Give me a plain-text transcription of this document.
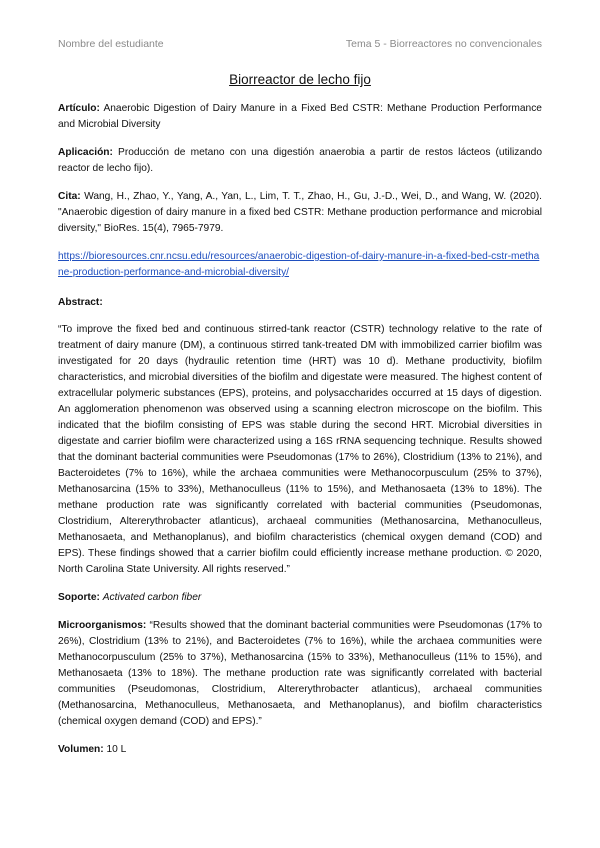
Nombre del estudiante	Tema 5 - Biorreactores no convencionales
Biorreactor de lecho fijo

Artículo: Anaerobic Digestion of Dairy Manure in a Fixed Bed CSTR: Methane Production Performance and Microbial Diversity

Aplicación: Producción de metano con una digestión anaerobia a partir de restos lácteos (utilizando reactor de lecho fijo).

Cita: Wang, H., Zhao, Y., Yang, A., Yan, L., Lim, T. T., Zhao, H., Gu, J.-D., Wei, D., and Wang, W. (2020). "Anaerobic digestion of dairy manure in a fixed bed CSTR: Methane production performance and microbial diversity," BioRes. 15(4), 7965-7979.

https://bioresources.cnr.ncsu.edu/resources/anaerobic-digestion-of-dairy-manure-in-a-fixed-bed-cstr-methane-production-performance-and-microbial-diversity/

Abstract:

“To improve the fixed bed and continuous stirred-tank reactor (CSTR) technology relative to the rate of treatment of dairy manure (DM), a continuous stirred tank-treated DM with immobilized carrier biofilm was investigated for 20 days (hydraulic retention time (HRT) was 10 d). Methane productivity, biofilm characteristics, and microbial diversities of the biofilm and digestate were measured. The highest content of extracellular polymeric substances (EPS), proteins, and polysaccharides occurred at 15 days of digestion. An agglomeration phenomenon was observed using a scanning electron microscope on the biofilm. This indicated that the biofilm consisting of EPS was stable during the second HRT. Microbial diversities in digestate and carrier biofilm were characterized using a 16S rRNA sequencing technique. Results showed that the dominant bacterial communities were Pseudomonas (17% to 26%), Clostridium (13% to 21%), and Bacteroidetes (7% to 16%), while the archaea communities were Methanocorpusculum (25% to 37%), Methanosarcina (15% to 33%), Methanoculleus (11% to 15%), and Methanosaeta (13% to 18%). The methane production rate was significantly correlated with bacterial communities (Pseudomonas, Clostridium, Altererythrobacter atlanticus), archaeal communities (Methanosarcina, Methanoculleus, Methanosaeta, and Methanoplanus), and biofilm characteristics (chemical oxygen demand (COD) and EPS). These findings showed that a carrier biofilm could efficiently increase methane production. © 2020, North Carolina State University. All rights reserved.”

Soporte: Activated carbon fiber

Microorganismos: “Results showed that the dominant bacterial communities were Pseudomonas (17% to 26%), Clostridium (13% to 21%), and Bacteroidetes (7% to 16%), while the archaea communities were Methanocorpusculum (25% to 37%), Methanosarcina (15% to 33%), Methanoculleus (11% to 15%), and Methanosaeta (13% to 18%). The methane production rate was significantly correlated with bacterial communities (Pseudomonas, Clostridium, Altererythrobacter atlanticus), archaeal communities (Methanosarcina, Methanoculleus, Methanosaeta, and Methanoplanus), and biofilm characteristics (chemical oxygen demand (COD) and EPS).”

Volumen: 10 L
